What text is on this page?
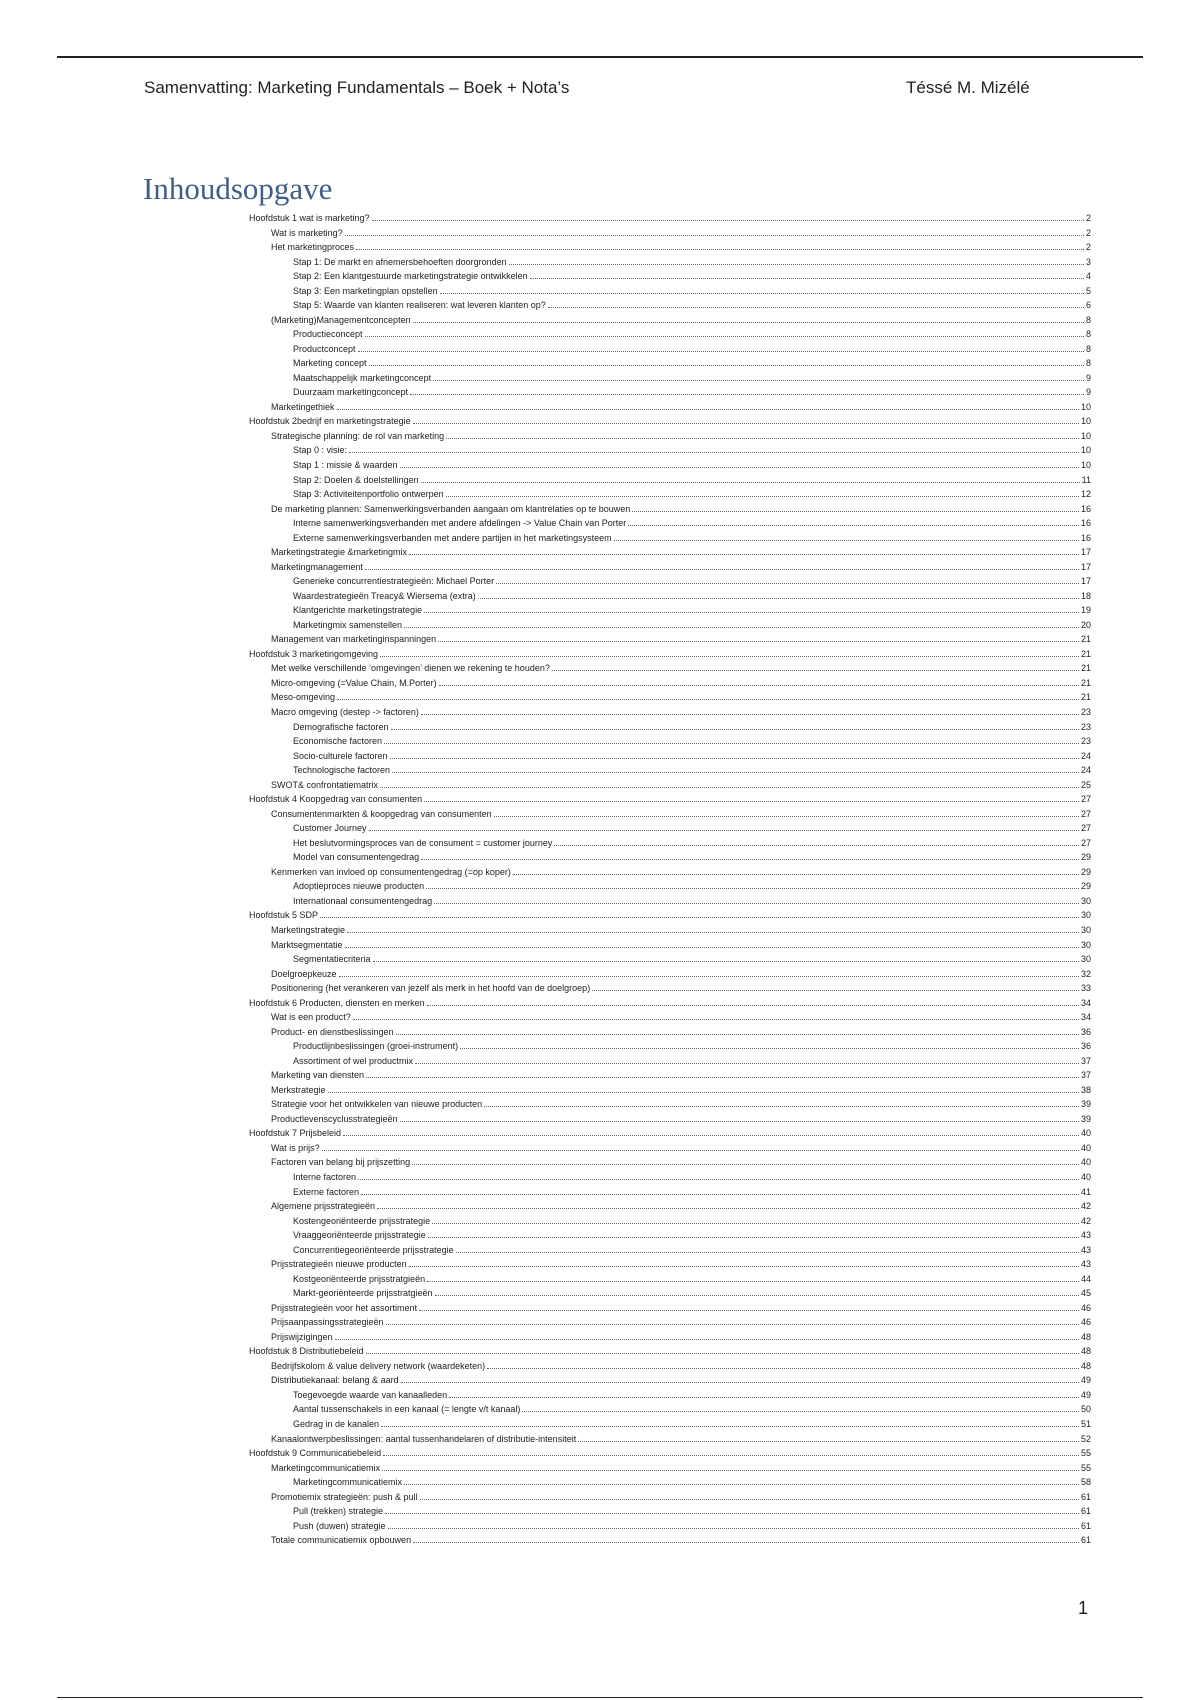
Samenvatting: Marketing Fundamentals – Boek + Nota’s	Téssé M. Mizélé
Inhoudsopgave
Hoofdstuk 1 wat is marketing?	2
Wat is marketing?	2
Het marketingproces	2
Stap 1: De markt en afnemersbehoeften doorgronden	3
Stap 2: Een klantgestuurde marketingstrategie ontwikkelen	4
Stap 3: Een marketingplan opstellen	5
Stap 5: Waarde van klanten realiseren: wat leveren klanten op?	6
(Marketing)Managementconcepten	8
Productieconcept	8
Productconcept	8
Marketing concept	8
Maatschappelijk marketingconcept	9
Duurzaam marketingconcept	9
Marketingethiek	10
Hoofdstuk 2bedrijf en marketingstrategie	10
Strategische planning: de rol van marketing	10
Stap 0 : visie:	10
Stap 1 : missie & waarden	10
Stap 2: Doelen & doelstellingen	11
Stap 3: Activiteitenportfolio ontwerpen	12
De marketing plannen: Samenwerkingsverbanden aangaan om klantrelaties op te bouwen	16
Interne samenwerkingsverbanden met andere afdelingen -> Value Chain van Porter	16
Externe samenwerkingsverbanden met andere partijen in het marketingsysteem	16
Marketingstrategie &marketingmix	17
Marketingmanagement	17
Generieke concurrentiestrategieën: Michael Porter	17
Waardestrategieën Treacy& Wiersema (extra)	18
Klantgerichte marketingstrategie	19
Marketingmix samenstellen	20
Management van marketinginspanningen	21
Hoofdstuk 3 marketingomgeving	21
Met welke verschillende ‘omgevingen’ dienen we rekening te houden?	21
Micro-omgeving (=Value Chain, M.Porter)	21
Meso-omgeving	21
Macro omgeving (destep -> factoren)	23
Demografische factoren	23
Economische factoren	23
Socio-culturele factoren	24
Technologische factoren	24
SWOT& confrontatiematrix	25
Hoofdstuk 4 Koopgedrag van consumenten	27
Consumentenmarkten & koopgedrag van consumenten	27
Customer Journey	27
Het beslutvormingsproces van de consument = customer journey	27
Model van consumentengedrag	29
Kenmerken van invloed op consumentengedrag (=op koper)	29
Adoptieproces nieuwe producten	29
Internationaal consumentengedrag	30
Hoofdstuk 5 SDP	30
Marketingstrategie	30
Marktsegmentatie	30
Segmentatiecriteria	30
Doelgroepkeuze	32
Positionering (het verankeren van jezelf als merk in het hoofd van de doelgroep)	33
Hoofdstuk 6 Producten, diensten en merken	34
Wat is een product?	34
Product- en dienstbeslissingen	36
Productlijnbeslissingen (groei-instrument)	36
Assortiment of wel productmix	37
Marketing van diensten	37
Merkstrategie	38
Strategie voor het ontwikkelen van nieuwe producten	39
Productlevenscyclusstrategieën	39
Hoofdstuk 7 Prijsbeleid	40
Wat is prijs?	40
Factoren van belang bij prijszetting	40
Interne factoren	40
Externe factoren	41
Algemene prijsstrategieën	42
Kostengeoriënteerde prijsstrategie	42
Vraaggeoriënteerde prijsstrategie	43
Concurrentiegeoriënteerde prijsstrategie	43
Prijsstrategieën nieuwe producten	43
Kostgeoriënteerde prijsstratgieën	44
Markt-georiënteerde prijsstratgieën	45
Prijsstrategieën voor het assortiment	46
Prijsaanpassingsstrategieën	46
Prijswijzigingen	48
Hoofdstuk 8 Distributiebeleid	48
Bedrijfskolom & value delivery network (waardeketen)	48
Distributiekanaal: belang & aard	49
Toegevoegde waarde van kanaalleden	49
Aantal tussenschakels in een kanaal (= lengte v/t kanaal)	50
Gedrag in de kanalen	51
Kanaalontwerpbeslissingen: aantal tussenhandelaren of distributie-intensiteit	52
Hoofdstuk 9 Communicatiebeleid	55
Marketingcommunicatiemix	55
Marketingcommunicatiemix	58
Promotiemix strategieën: push & pull	61
Pull (trekken) strategie	61
Push (duwen) strategie	61
Totale communicatiemix opbouwen	61
1
